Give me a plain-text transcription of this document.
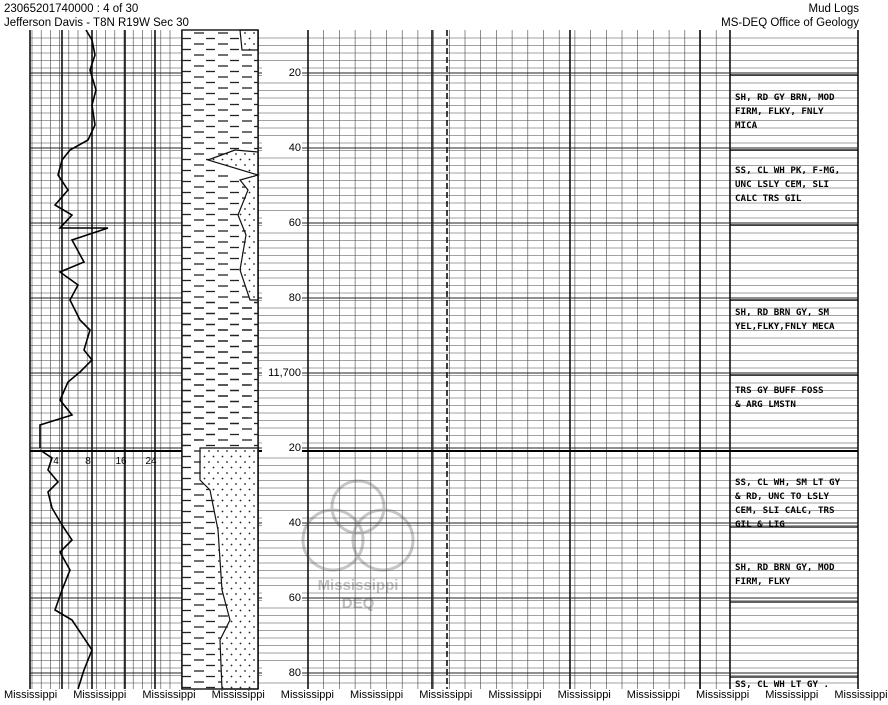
23065201740000 : 4 of 30
Jefferson Davis - T8N R19W Sec 30
Mud Logs
MS-DEQ Office of Geology
4	8 16 24
20
40
60
80
11,700
20
40
60
80
SH, RD GY BRN, MOD
FIRM, FLKY, FNLY
MICA
SS, CL WH PK, F-MG,
UNC LSLY CEM, SLI
CALC TRS GIL
SH, RD BRN GY, SM
YEL,FLKY,FNLY MECA
TRS GY BUFF FOSS
& ARG LMSTN
SS, CL WH, SM LT GY
& RD, UNC TO LSLY
CEM, SLI CALC, TRS
GIL & LIG
SH, RD BRN GY, MOD
FIRM, FLKY
SS, CL WH LT GY .
Mississippi
DEQ
Mississippi Mississippi Mississippi Mississippi Mississippi Mississippi Mississippi Mississippi Mississippi Mississippi Mississippi Mississippi Mississippi
